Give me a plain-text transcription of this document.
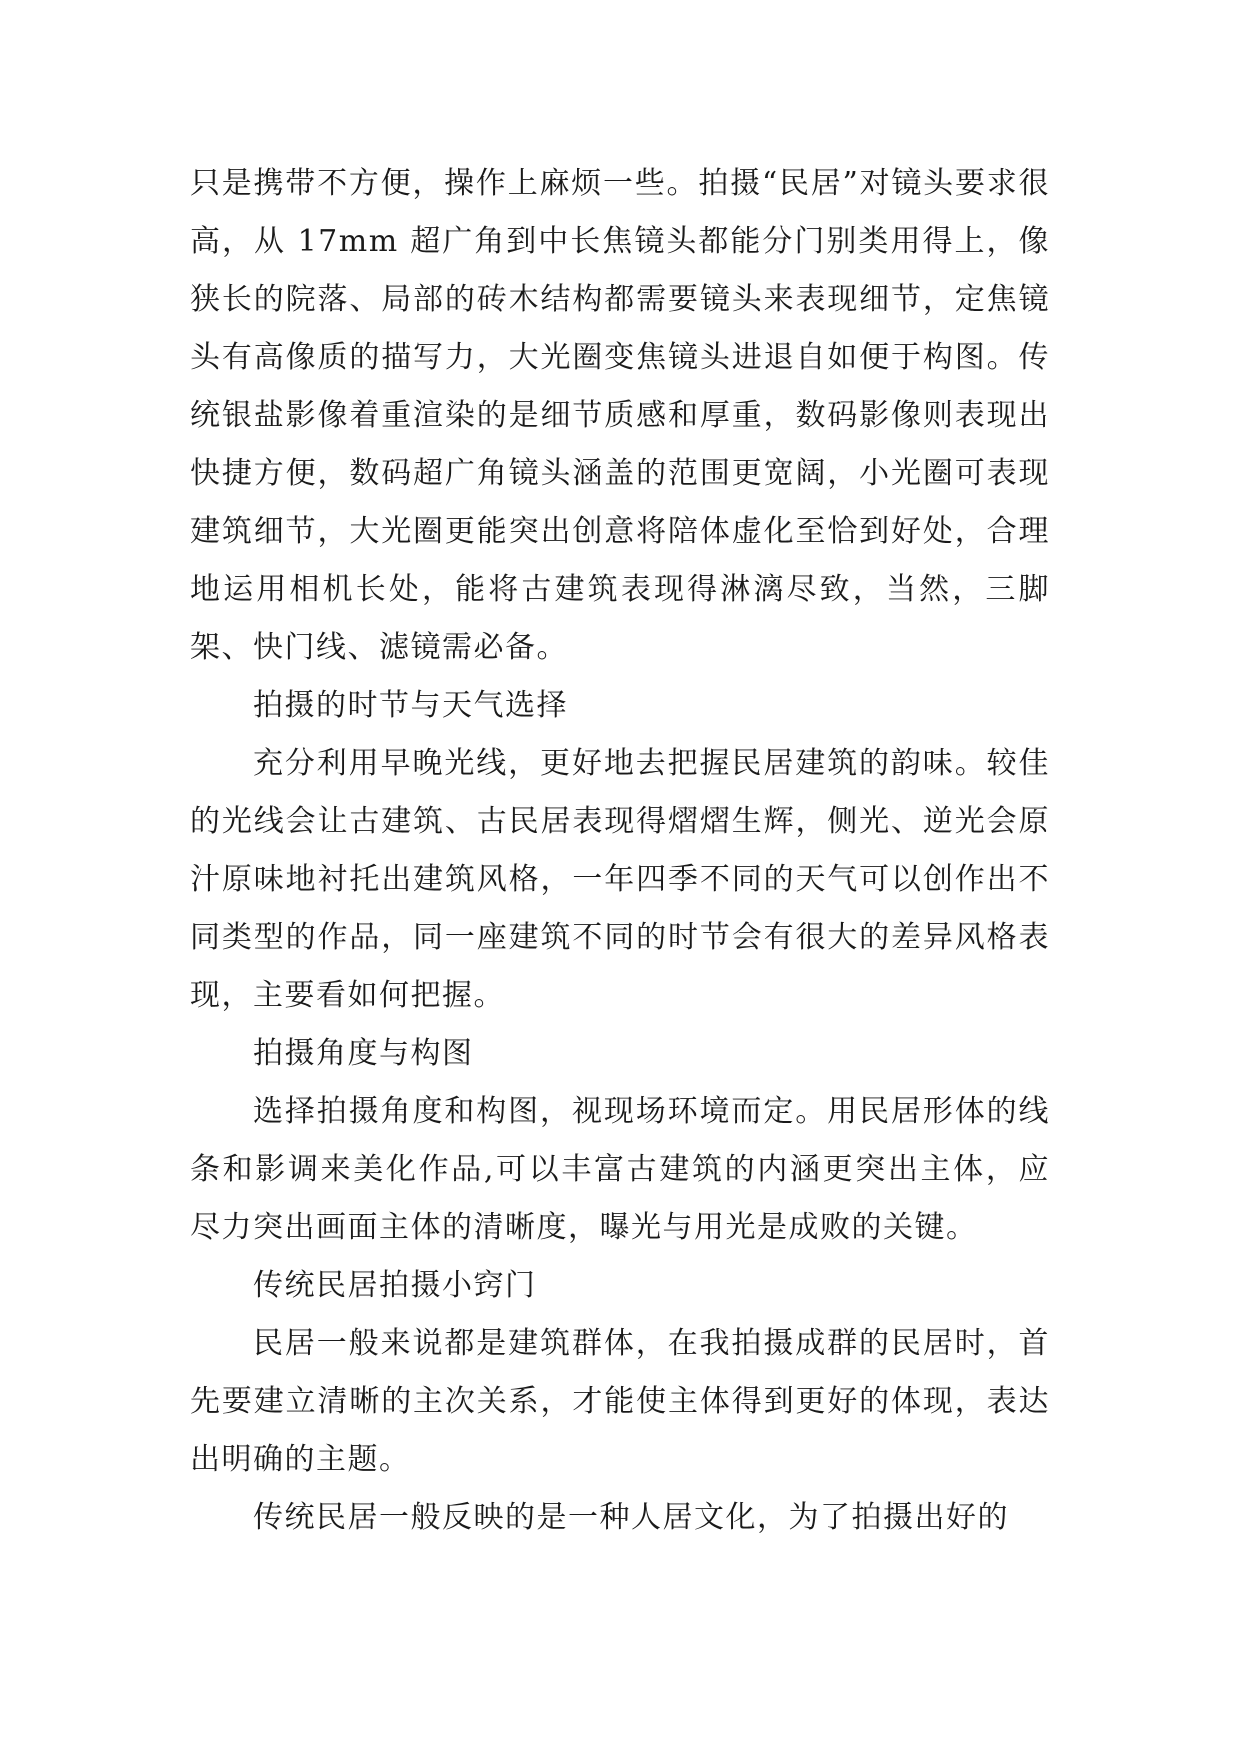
只是携带不方便，操作上麻烦一些。拍摄“民居”对镜头要求很高，从 17mm 超广角到中长焦镜头都能分门别类用得上，像狭长的院落、局部的砖木结构都需要镜头来表现细节，定焦镜头有高像质的描写力，大光圈变焦镜头进退自如便于构图。传统银盐影像着重渲染的是细节质感和厚重，数码影像则表现出快捷方便，数码超广角镜头涵盖的范围更宽阔，小光圈可表现建筑细节，大光圈更能突出创意将陪体虚化至恰到好处，合理地运用相机长处，能将古建筑表现得淋漓尽致，当然，三脚架、快门线、滤镜需必备。

拍摄的时节与天气选择

充分利用早晚光线，更好地去把握民居建筑的韵味。较佳的光线会让古建筑、古民居表现得熠熠生辉，侧光、逆光会原汁原味地衬托出建筑风格，一年四季不同的天气可以创作出不同类型的作品，同一座建筑不同的时节会有很大的差异风格表现，主要看如何把握。

拍摄角度与构图

选择拍摄角度和构图，视现场环境而定。用民居形体的线条和影调来美化作品,可以丰富古建筑的内涵更突出主体，应尽力突出画面主体的清晰度，曝光与用光是成败的关键。

传统民居拍摄小窍门

民居一般来说都是建筑群体，在我拍摄成群的民居时，首先要建立清晰的主次关系，才能使主体得到更好的体现，表达出明确的主题。

传统民居一般反映的是一种人居文化，为了拍摄出好的
